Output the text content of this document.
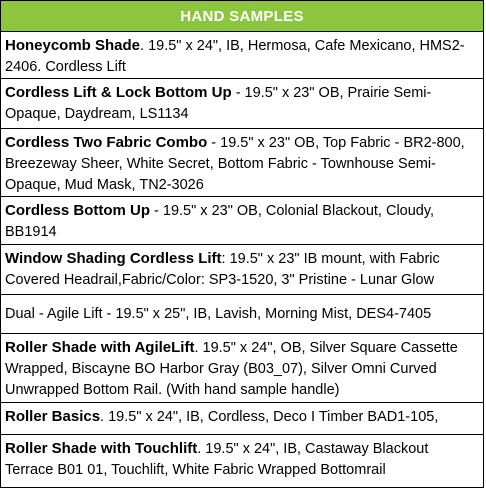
HAND SAMPLES
Honeycomb Shade. 19.5" x 24", IB, Hermosa, Cafe Mexicano, HMS2-2406. Cordless Lift
Cordless Lift & Lock Bottom Up - 19.5" x 23" OB, Prairie Semi-Opaque, Daydream, LS1134
Cordless Two Fabric Combo - 19.5" x 23" OB, Top Fabric - BR2-800, Breezeway Sheer, White Secret, Bottom Fabric - Townhouse Semi-Opaque, Mud Mask, TN2-3026
Cordless Bottom Up - 19.5" x 23" OB, Colonial Blackout, Cloudy, BB1914
Window Shading Cordless Lift: 19.5" x 23" IB mount, with Fabric Covered Headrail,Fabric/Color: SP3-1520, 3" Pristine - Lunar Glow
Dual - Agile Lift - 19.5" x 25", IB, Lavish, Morning Mist, DES4-7405
Roller Shade with AgileLift. 19.5" x 24", OB, Silver Square Cassette Wrapped, Biscayne BO Harbor Gray (B03_07), Silver Omni Curved Unwrapped Bottom Rail. (With hand sample handle)
Roller Basics. 19.5" x 24", IB, Cordless, Deco I Timber BAD1-105,
Roller Shade with Touchlift. 19.5" x 24", IB, Castaway Blackout Terrace B01 01, Touchlift, White Fabric Wrapped Bottomrail
